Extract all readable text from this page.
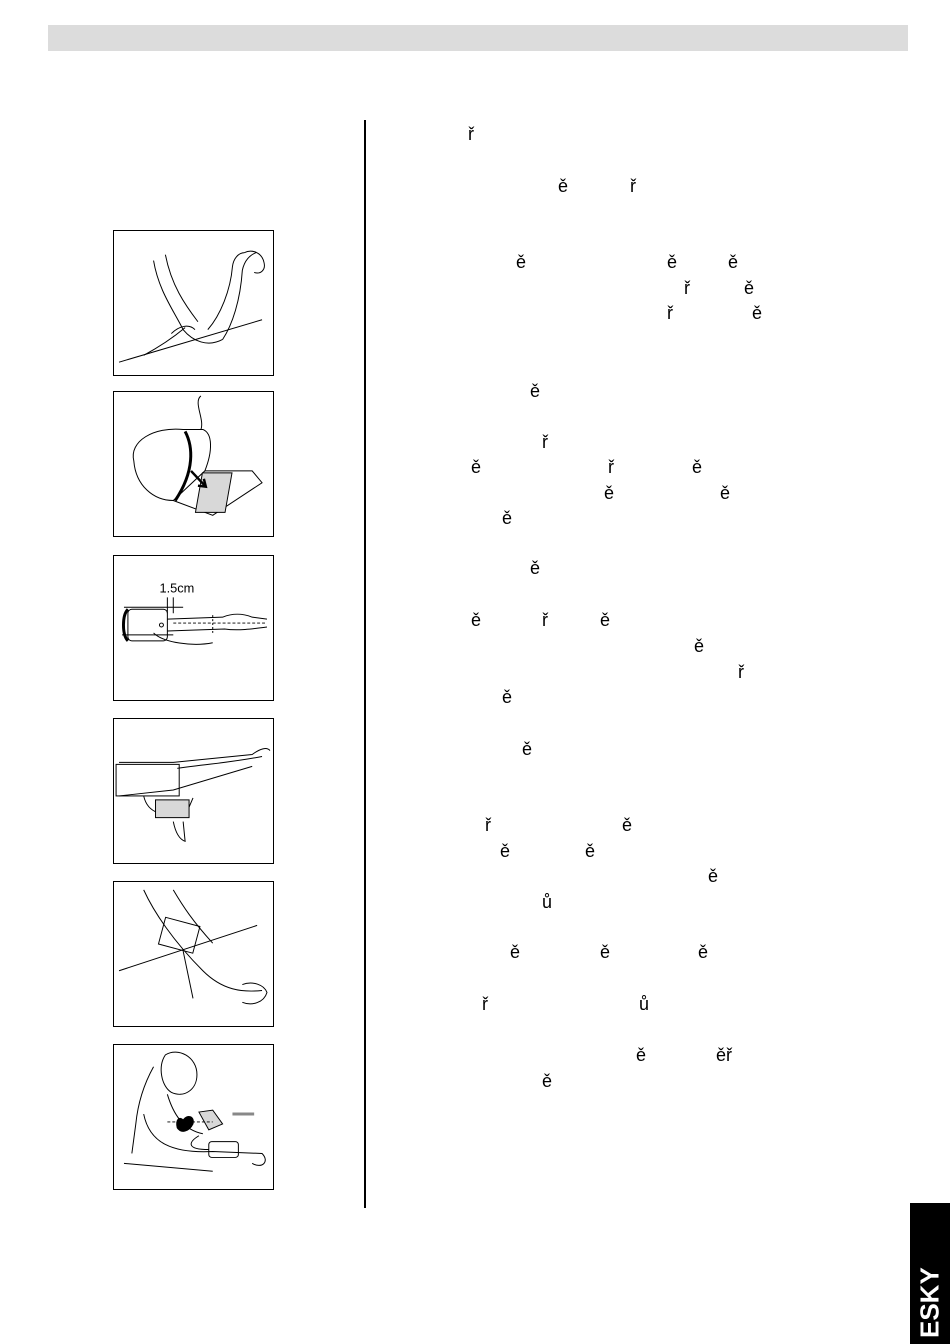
1.5cm
ř
ě	ř
ě	ě	ě
ř	ě
ř	ě
ě
ř
ě	ř	ě
ě	ě
ě
ě
ě	ř	ě
ě
ř
ě
ě
ř	ě
ě	ě
ě
ů
ě	ě	ě
ř	ů
ě	ěř
ě
ESKY
